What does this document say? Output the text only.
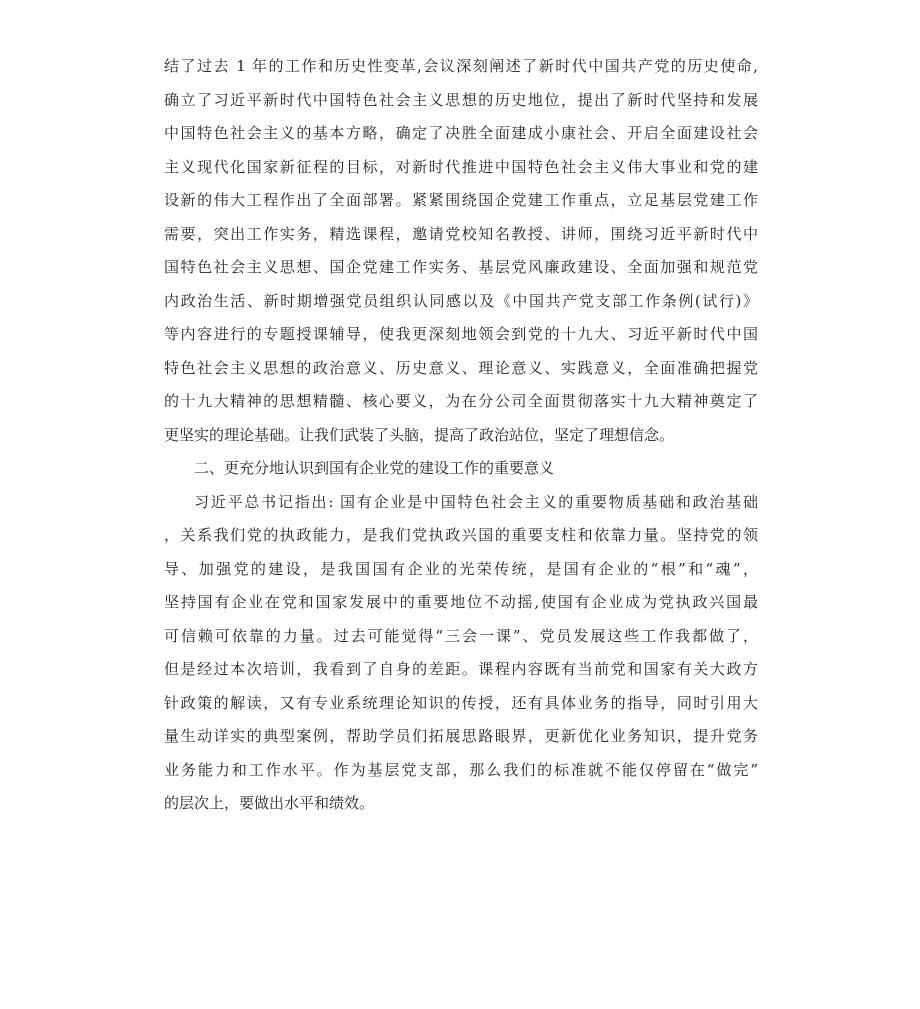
结了过去 1 年的工作和历史性变革,会议深刻阐述了新时代中国共产党的历史使命,
确立了习近平新时代中国特色社会主义思想的历史地位，提出了新时代坚持和发展
中国特色社会主义的基本方略，确定了决胜全面建成小康社会、开启全面建设社会
主义现代化国家新征程的目标，对新时代推进中国特色社会主义伟大事业和党的建
设新的伟大工程作出了全面部署。紧紧围绕国企党建工作重点，立足基层党建工作
需要，突出工作实务，精选课程，邀请党校知名教授、讲师，围绕习近平新时代中
国特色社会主义思想、国企党建工作实务、基层党风廉政建设、全面加强和规范党
内政治生活、新时期增强党员组织认同感以及《中国共产党支部工作条例(试行)》
等内容进行的专题授课辅导，使我更深刻地领会到党的十九大、习近平新时代中国
特色社会主义思想的政治意义、历史意义、理论意义、实践意义，全面准确把握党
的十九大精神的思想精髓、核心要义，为在分公司全面贯彻落实十九大精神奠定了
更坚实的理论基础。让我们武装了头脑，提高了政治站位，坚定了理想信念。
二、更充分地认识到国有企业党的建设工作的重要意义
习近平总书记指出: 国有企业是中国特色社会主义的重要物质基础和政治基础
，关系我们党的执政能力，是我们党执政兴国的重要支柱和依靠力量。坚持党的领
导、加强党的建设，是我国国有企业的光荣传统，是国有企业的“根”和“魂”，
坚持国有企业在党和国家发展中的重要地位不动摇,使国有企业成为党执政兴国最
可信赖可依靠的力量。过去可能觉得“三会一课”、党员发展这些工作我都做了，
但是经过本次培训，我看到了自身的差距。课程内容既有当前党和国家有关大政方
针政策的解读，又有专业系统理论知识的传授，还有具体业务的指导，同时引用大
量生动详实的典型案例，帮助学员们拓展思路眼界，更新优化业务知识，提升党务
业务能力和工作水平。作为基层党支部，那么我们的标准就不能仅停留在“做完”
的层次上，要做出水平和绩效。
